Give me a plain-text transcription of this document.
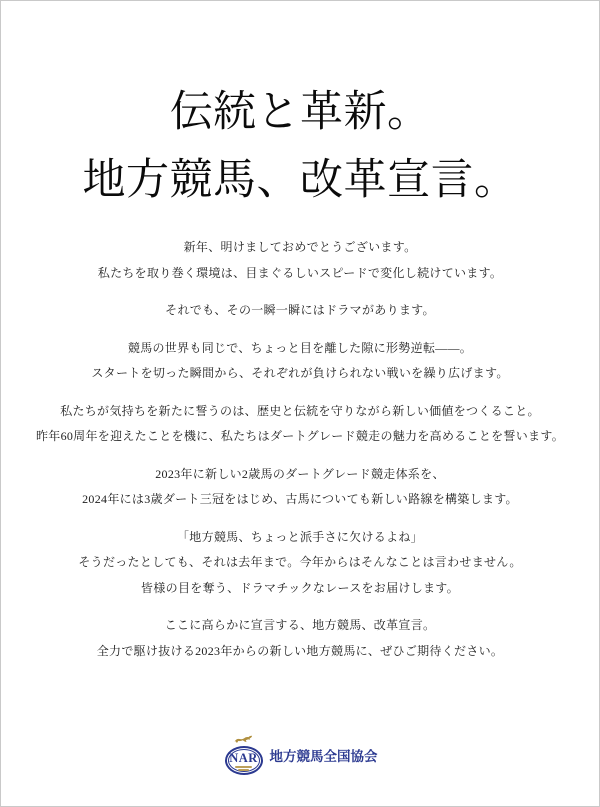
伝統と革新。
地方競馬、改革宣言。
新年、明けましておめでとうございます。
私たちを取り巻く環境は、目まぐるしいスピードで変化し続けています。
それでも、その一瞬一瞬にはドラマがあります。
競馬の世界も同じで、ちょっと目を離した隙に形勢逆転――。
スタートを切った瞬間から、それぞれが負けられない戦いを繰り広げます。
私たちが気持ちを新たに誓うのは、歴史と伝統を守りながら新しい価値をつくること。
昨年60周年を迎えたことを機に、私たちはダートグレード競走の魅力を高めることを誓います。
2023年に新しい2歳馬のダートグレード競走体系を、
2024年には3歳ダート三冠をはじめ、古馬についても新しい路線を構築します。
「地方競馬、ちょっと派手さに欠けるよね」
そうだったとしても、それは去年まで。今年からはそんなことは言わせません。
皆様の目を奪う、ドラマチックなレースをお届けします。
ここに高らかに宣言する、地方競馬、改革宣言。
全力で駆け抜ける2023年からの新しい地方競馬に、ぜひご期待ください。
NAR 地方競馬全国協会
